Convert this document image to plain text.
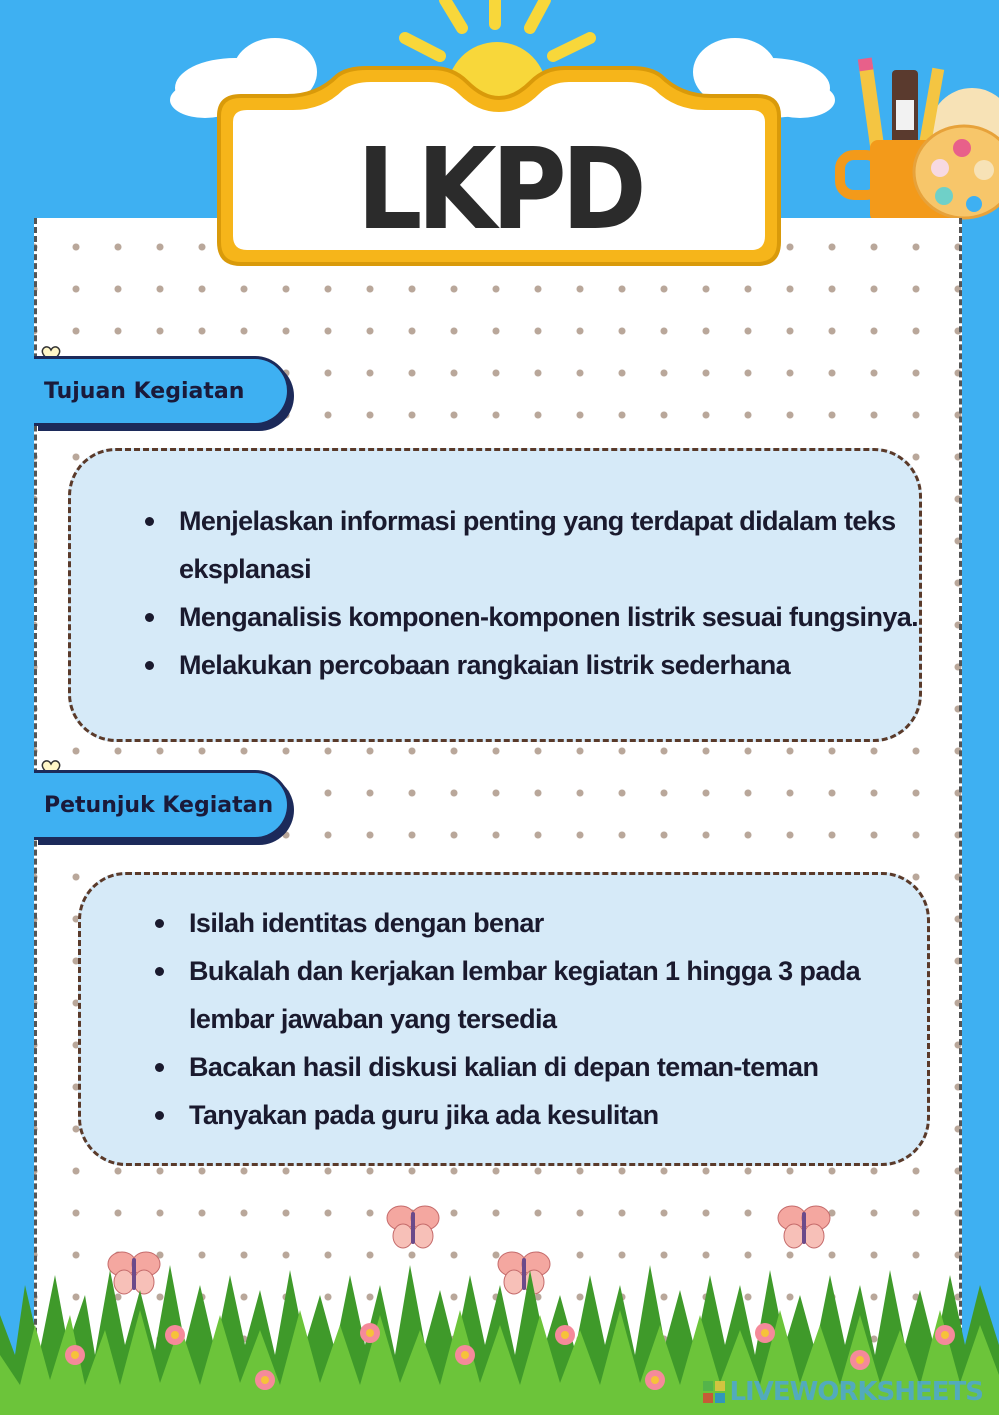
LKPD
Tujuan Kegiatan
Menjelaskan informasi penting yang terdapat didalam teks
eksplanasi
Menganalisis komponen-komponen listrik sesuai fungsinya.
Melakukan percobaan rangkaian listrik sederhana
Petunjuk Kegiatan
Isilah identitas dengan benar
Bukalah dan kerjakan lembar kegiatan 1 hingga 3 pada
lembar jawaban yang tersedia
Bacakan hasil diskusi kalian di depan teman-teman
Tanyakan pada guru jika ada kesulitan
LIVEWORKSHEETS
